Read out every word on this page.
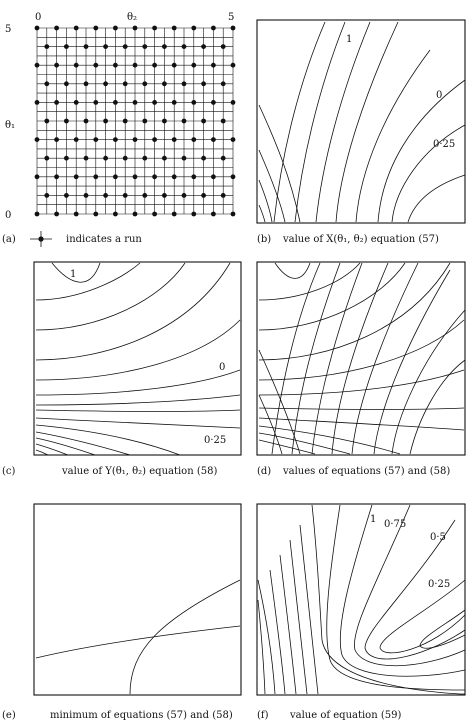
0	θ₂	5
5
θ₁
0
(a)	indicates a run
1
0
0·25
(b) value of X(θ₁, θ₂) equation (57)
1
0
0·25
(c)	value of Y(θ₁, θ₂) equation (58)	(d) values of equations (57) and (58)
(e)	minimum of equations (57) and (58)
1 0·75
0·5
0·25
(f) value of equation (59)
